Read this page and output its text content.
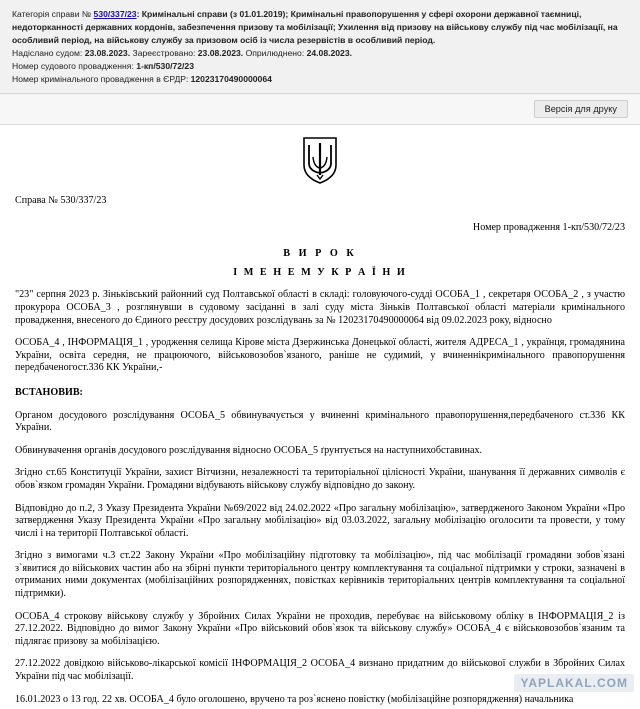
Категорія справи № 530/337/23: Кримінальні справи (з 01.01.2019); Кримінальні правопорушення у сфері охорони державної таємниці, недоторканності державних кордонів, забезпечення призову та мобілізації; Ухилення від призову на військову службу під час мобілізації, на особливий період, на військову службу за призовом осіб із числа резервістів в особливий період.

Надіслано судом: 23.08.2023. Зареєстровано: 23.08.2023. Оприлюднено: 24.08.2023.

Номер судового провадження: 1-кп/530/72/23

Номер кримінального провадження в ЄРДР: 12023170490000064

Версія для друку
Справа № 530/337/23
Номер провадження 1-кп/530/72/23
В И Р О К
І М Е Н Е М У К Р А Ї Н И

"23" серпня 2023 р. Зіньківський районний суд Полтавської області в складі: головуючого-судді ОСОБА_1 , секретаря ОСОБА_2 , з участю прокурора ОСОБА_3 , розглянувши в судовому засіданні в залі суду міста Зіньків Полтавської області матеріали кримінального провадження, внесеного до Єдиного реєстру досудових розслідувань за № 12023170490000064 від 09.02.2023 року, відносно

ОСОБА_4 , ІНФОРМАЦІЯ_1 , уродження селища Кірове міста Дзержинська Донецької області, жителя АДРЕСА_1 , українця, громадянина України, освіта середня, не працюючого, військовозобов`язаного, раніше не судимий, у вчиненнікримінального правопорушення передбаченогост.336 КК України,-

ВСТАНОВИВ:

Органом досудового розслідування ОСОБА_5 обвинувачується у вчиненні кримінального правопорушення,передбаченого ст.336 КК України.

Обвинувачення органів досудового розслідування відносно ОСОБА_5 ґрунтується на наступнихобставинах.

Згідно ст.65 Конституції України, захист Вітчизни, незалежності та територіальної цілісності України, шанування її державних символів є обов`язком громадян України. Громадяни відбувають військову службу відповідно до закону.

Відповідно до п.2, 3 Указу Президента України №69/2022 від 24.02.2022 «Про загальну мобілізацію», затвердженого Законом України «Про затвердження Указу Президента України «Про загальну мобілізацію» від 03.03.2022, загальну мобілізацію оголосити та провести, у тому числі і на території Полтавської області.

Згідно з вимогами ч.3 ст.22 Закону України «Про мобілізаційну підготовку та мобілізацію», під час мобілізації громадяни зобов`язані з`явитися до військових частин або на збірні пункти територіального центру комплектування та соціальної підтримки у строки, зазначені в отриманих ними документах (мобілізаційних розпорядженнях, повістках керівників територіальних центрів комплектування та соціальної підтримки).

ОСОБА_4 строкову військову службу у Збройних Силах України не проходив, перебуває на військовому обліку в ІНФОРМАЦІЯ_2 із 27.12.2022. Відповідно до вимог Закону України «Про військовий обов`язок та військову службу» ОСОБА_4 є військовозобов`язаним та підлягає призову за мобілізацією.

27.12.2022 довідкою військово-лікарської комісії ІНФОРМАЦІЯ_2 ОСОБА_4 визнано придатним до військової служби в Збройних Силах України під час мобілізації.

16.01.2023 о 13 год. 22 хв. ОСОБА_4 було оголошено, вручено та роз`яснено повістку (мобілізаційне розпорядження) начальника

YAPLAKAL.COM
